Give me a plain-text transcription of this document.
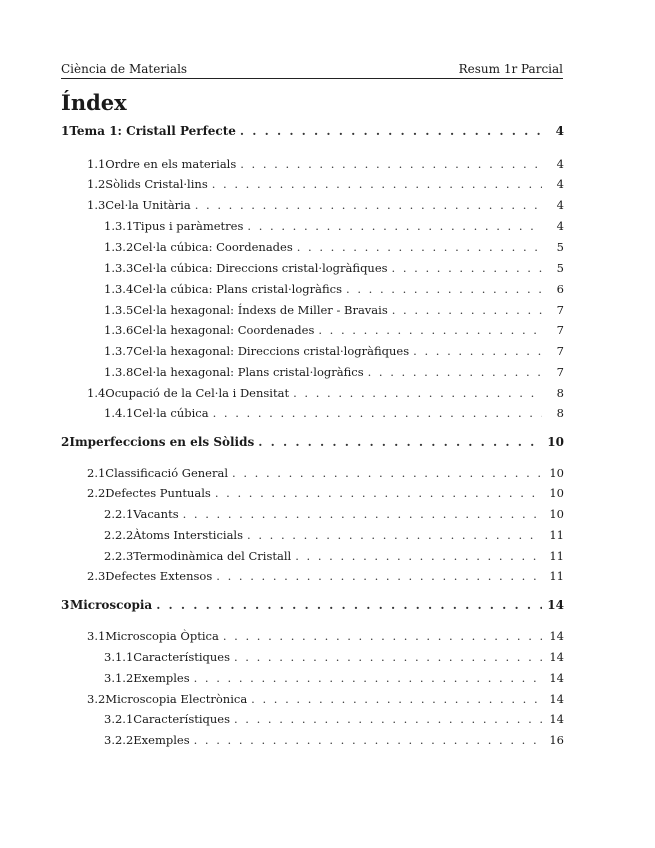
Ciència de Materials	Resum 1r Parcial
Índex
1 Tema 1: Cristall Perfecte . . .	4
1.1 Ordre en els materials . . .	4
1.2 Sòlids Cristal·lins . . .	4
1.3 Cel·la Unitària . . .	4
1.3.1 Tipus i paràmetres . . .	4
1.3.2 Cel·la cúbica: Coordenades . . .	5
1.3.3 Cel·la cúbica: Direccions cristal·logràfiques . . .	5
1.3.4 Cel·la cúbica: Plans cristal·logràfics . . .	6
1.3.5 Cel·la hexagonal: Índexs de Miller - Bravais . . .	7
1.3.6 Cel·la hexagonal: Coordenades . . .	7
1.3.7 Cel·la hexagonal: Direccions cristal·logràfiques . . .	7
1.3.8 Cel·la hexagonal: Plans cristal·logràfics . . .	7
1.4 Ocupació de la Cel·la i Densitat . . .	8
1.4.1 Cel·la cúbica . . .	8
2 Imperfeccions en els Sòlids . . .	10
2.1 Classificació General . . .	10
2.2 Defectes Puntuals . . .	10
2.2.1 Vacants . . .	10
2.2.2 Àtoms Intersticials . . .	11
2.2.3 Termodinàmica del Cristall . . .	11
2.3 Defectes Extensos . . .	11
3 Microscopia . . .	14
3.1 Microscopia Òptica . . .	14
3.1.1 Característiques . . .	14
3.1.2 Exemples . . .	14
3.2 Microscopia Electrònica . . .	14
3.2.1 Característiques . . .	14
3.2.2 Exemples . . .	16
